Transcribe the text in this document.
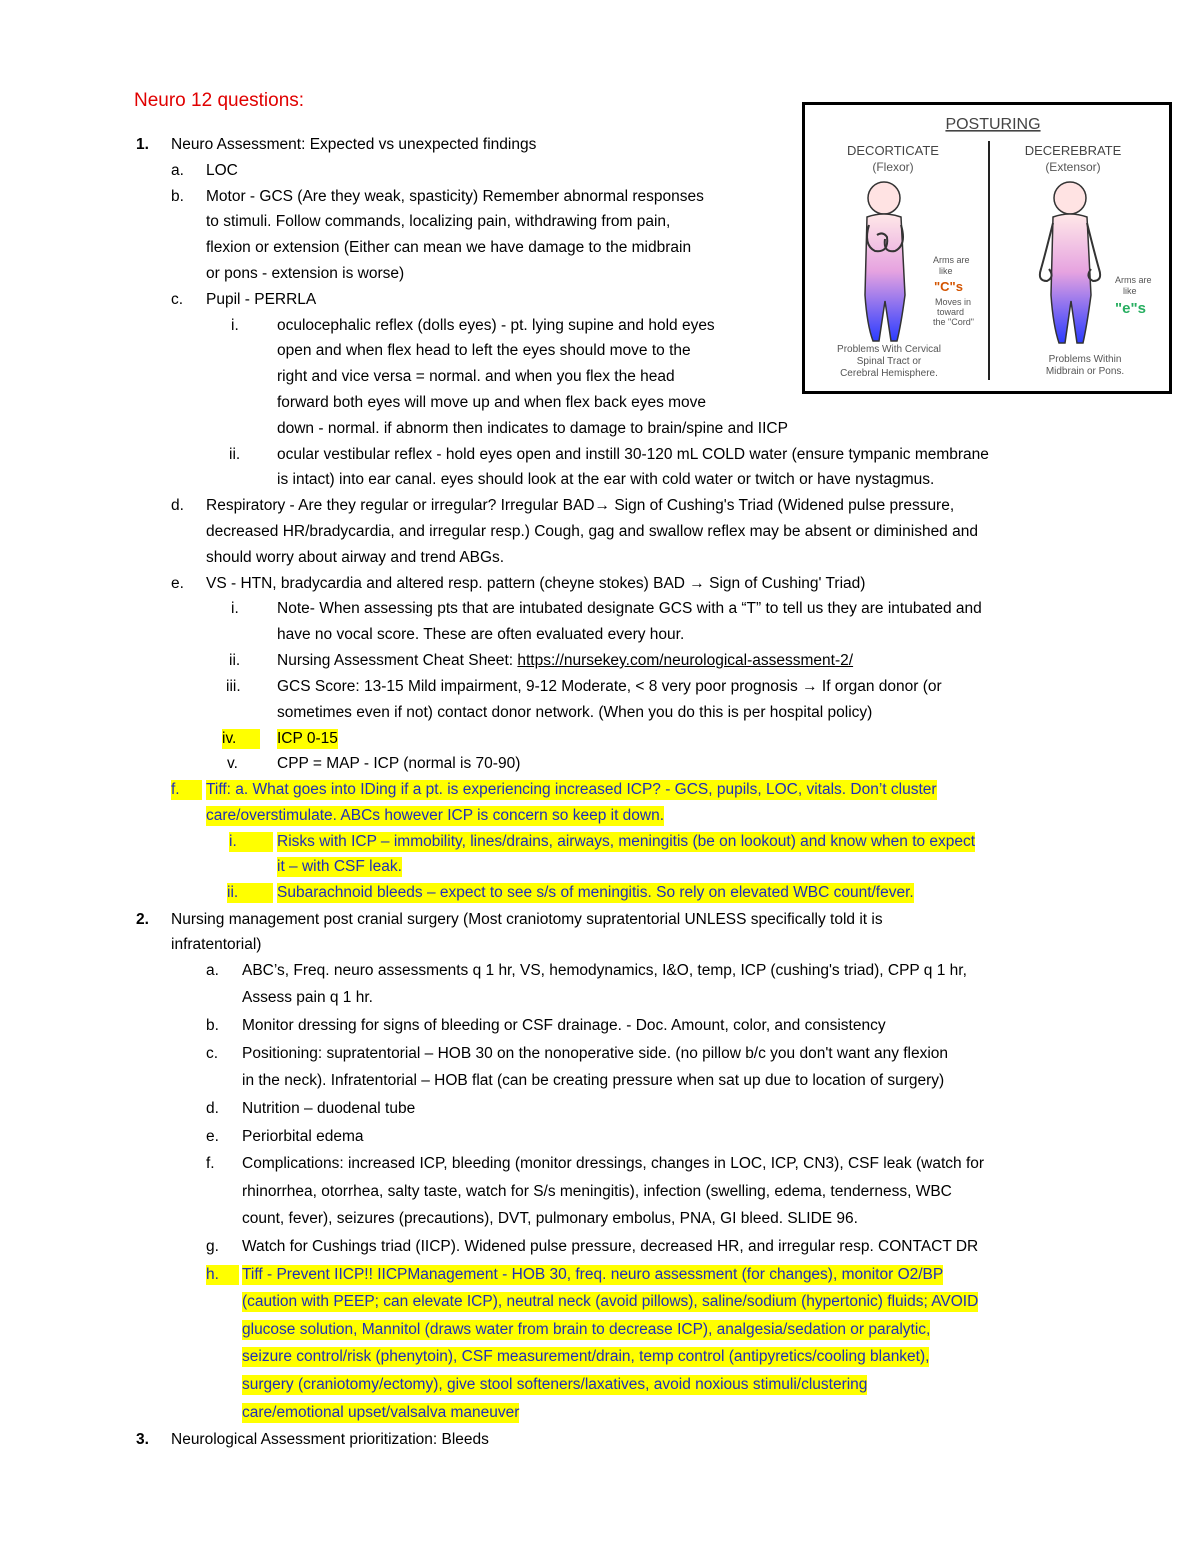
Neuro 12 questions:
POSTURING
DECORTICATE
(Flexor)
DECEREBRATE
(Extensor)
Arms are
like
"C"s
Moves in
toward
the "Cord"
Problems With Cervical
Spinal Tract or
Cerebral Hemisphere.
Arms are
like
"e"s
Problems Within
Midbrain or Pons.
1. Neuro Assessment: Expected vs unexpected findings
a. LOC
b. Motor - GCS (Are they weak, spasticity) Remember abnormal responses
to stimuli. Follow commands, localizing pain, withdrawing from pain,
flexion or extension (Either can mean we have damage to the midbrain
or pons - extension is worse)
c. Pupil - PERRLA
i. oculocephalic reflex (dolls eyes) - pt. lying supine and hold eyes
open and when flex head to left the eyes should move to the
right and vice versa = normal. and when you flex the head
forward both eyes will move up and when flex back eyes move
down - normal. if abnorm then indicates to damage to brain/spine and IICP
ii. ocular vestibular reflex - hold eyes open and instill 30-120 mL COLD water (ensure tympanic membrane
is intact) into ear canal. eyes should look at the ear with cold water or twitch or have nystagmus.
d. Respiratory - Are they regular or irregular? Irregular BAD→ Sign of Cushing's Triad (Widened pulse pressure,
decreased HR/bradycardia, and irregular resp.) Cough, gag and swallow reflex may be absent or diminished and
should worry about airway and trend ABGs.
e. VS - HTN, bradycardia and altered resp. pattern (cheyne stokes) BAD → Sign of Cushing' Triad)
i. Note- When assessing pts that are intubated designate GCS with a “T” to tell us they are intubated and
have no vocal score. These are often evaluated every hour.
ii. Nursing Assessment Cheat Sheet: https://nursekey.com/neurological-assessment-2/
iii. GCS Score: 13-15 Mild impairment, 9-12 Moderate, < 8 very poor prognosis → If organ donor (or
sometimes even if not) contact donor network. (When you do this is per hospital policy)
iv.	ICP 0-15
v.	CPP = MAP - ICP (normal is 70-90)
f.	Tiff: a. What goes into IDing if a pt. is experiencing increased ICP? - GCS, pupils, LOC, vitals. Don’t cluster
care/overstimulate. ABCs however ICP is concern so keep it down.
i.	Risks with ICP – immobility, lines/drains, airways, meningitis (be on lookout) and know when to expect
it – with CSF leak.
ii.	Subarachnoid bleeds – expect to see s/s of meningitis. So rely on elevated WBC count/fever.
2. Nursing management post cranial surgery (Most craniotomy supratentorial UNLESS specifically told it is
infratentorial)
a. ABC’s, Freq. neuro assessments q 1 hr, VS, hemodynamics, I&O, temp, ICP (cushing's triad), CPP q 1 hr,
Assess pain q 1 hr.
b. Monitor dressing for signs of bleeding or CSF drainage. - Doc. Amount, color, and consistency
c. Positioning: supratentorial – HOB 30 on the nonoperative side. (no pillow b/c you don't want any flexion
in the neck). Infratentorial – HOB flat (can be creating pressure when sat up due to location of surgery)
d. Nutrition – duodenal tube
e. Periorbital edema
f. Complications: increased ICP, bleeding (monitor dressings, changes in LOC, ICP, CN3), CSF leak (watch for
rhinorrhea, otorrhea, salty taste, watch for S/s meningitis), infection (swelling, edema, tenderness, WBC
count, fever), seizures (precautions), DVT, pulmonary embolus, PNA, GI bleed. SLIDE 96.
g. Watch for Cushings triad (IICP). Widened pulse pressure, decreased HR, and irregular resp. CONTACT DR
h.	Tiff - Prevent IICP!! IICPManagement - HOB 30, freq. neuro assessment (for changes), monitor O2/BP
(caution with PEEP; can elevate ICP), neutral neck (avoid pillows), saline/sodium (hypertonic) fluids; AVOID
glucose solution, Mannitol (draws water from brain to decrease ICP), analgesia/sedation or paralytic,
seizure control/risk (phenytoin), CSF measurement/drain, temp control (antipyretics/cooling blanket),
surgery (craniotomy/ectomy), give stool softeners/laxatives, avoid noxious stimuli/clustering
care/emotional upset/valsalva maneuver
3. Neurological Assessment prioritization: Bleeds
